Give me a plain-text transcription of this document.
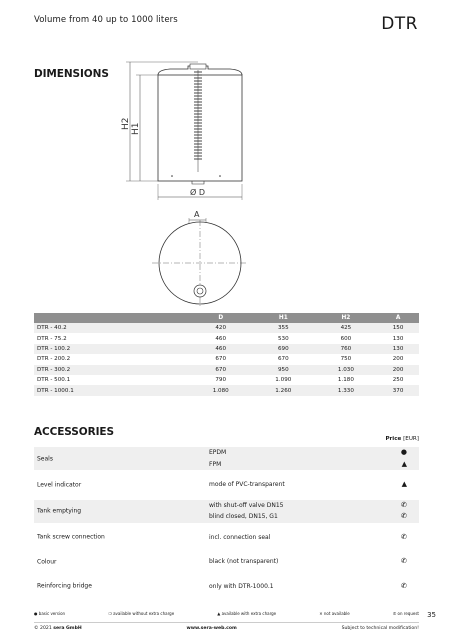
Volume from 40 up to 1000 liters	DTR
DIMENSIONS
H2 H1
Ø D
A
	D	H1	H2	A
DTR - 40.2	420	355	425	150
DTR - 75.2	460	530	600	130
DTR - 100.2	460	690	760	130
DTR - 200.2	670	670	750	200
DTR - 300.2	670	950	1.030	200
DTR - 500.1	790	1.090	1.180	250
DTR - 1000.1	1.080	1.260	1.330	370
ACCESSORIES
Price [EUR]
Seals
EPDM	●
FPM	▲
Level indicator	mode of PVC-transparent	▲
Tank emptying
with shut-off valve DN15	✆
blind closed, DN15, G1	✆
Tank screw connection	incl. connection seal	✆
Colour	black (not transparent)	✆
Reinforcing bridge	only with DTR-1000.1	✆
● basic version	❍ available without extra charge	▲ available with extra charge	✕ not available	✆ on request 35
© 2021 sera GmbH	www.sera-web.com	Subject to technical modification!
